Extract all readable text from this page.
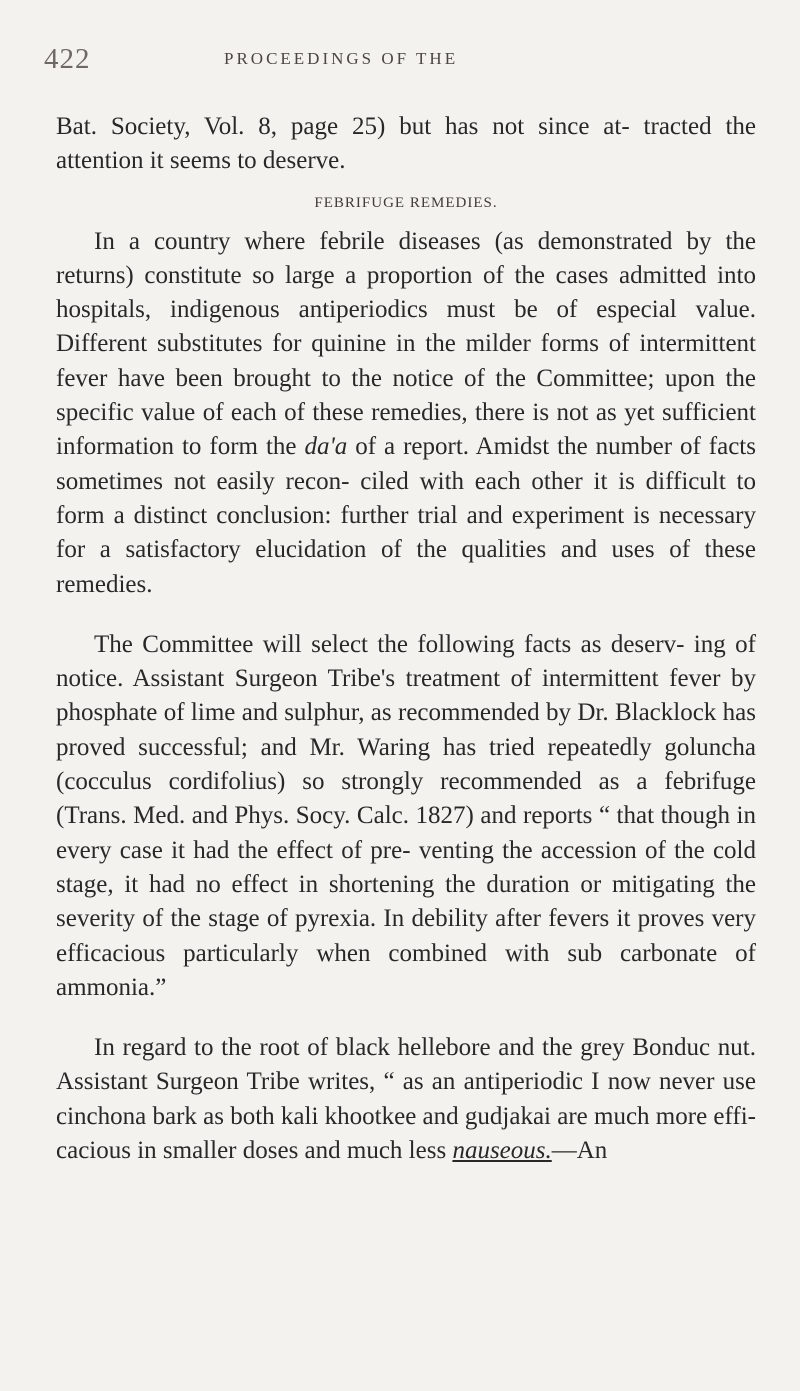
422	PROCEEDINGS OF THE

Bat. Society, Vol. 8, page 25) but has not since at- tracted the attention it seems to deserve.

FEBRIFUGE REMEDIES.

In a country where febrile diseases (as demonstrated by the returns) constitute so large a proportion of the cases admitted into hospitals, indigenous antiperiodics must be of especial value. Different substitutes for quinine in the milder forms of intermittent fever have been brought to the notice of the Committee; upon the specific value of each of these remedies, there is not as yet sufficient information to form the da'a of a report. Amidst the number of facts sometimes not easily recon- ciled with each other it is difficult to form a distinct conclusion: further trial and experiment is necessary for a satisfactory elucidation of the qualities and uses of these remedies.

The Committee will select the following facts as deserv- ing of notice. Assistant Surgeon Tribe's treatment of intermittent fever by phosphate of lime and sulphur, as recommended by Dr. Blacklock has proved successful; and Mr. Waring has tried repeatedly goluncha (cocculus cordifolius) so strongly recommended as a febrifuge (Trans. Med. and Phys. Socy. Calc. 1827) and reports “ that though in every case it had the effect of pre- venting the accession of the cold stage, it had no effect in shortening the duration or mitigating the severity of the stage of pyrexia. In debility after fevers it proves very efficacious particularly when combined with sub carbonate of ammonia.”

In regard to the root of black hellebore and the grey Bonduc nut. Assistant Surgeon Tribe writes, “ as an antiperiodic I now never use cinchona bark as both kali khootkee and gudjakai are much more effi- cacious in smaller doses and much less nauseous.—An
